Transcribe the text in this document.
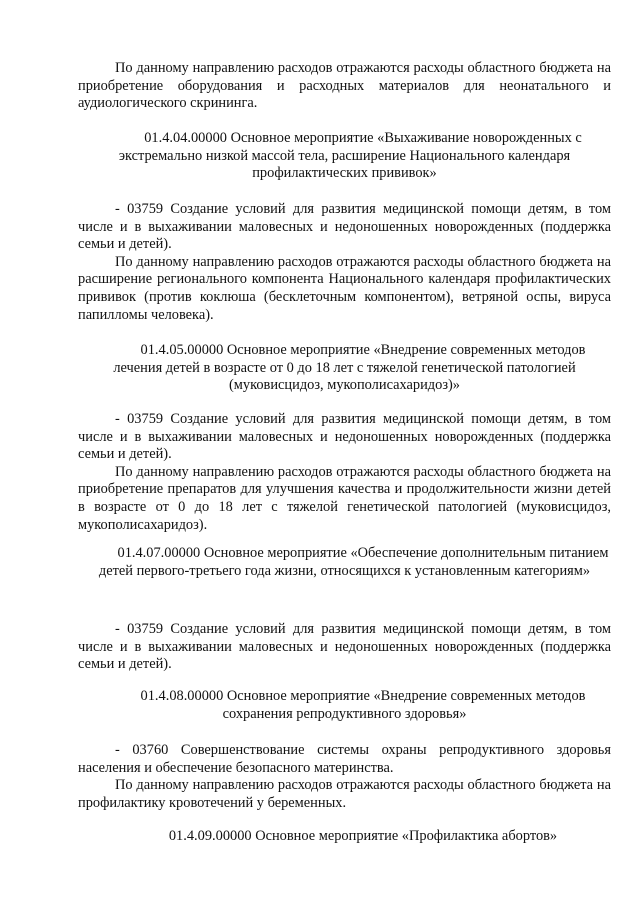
По данному направлению расходов отражаются расходы областного бюджета на приобретение оборудования и расходных материалов для неонатального и аудиологического скрининга.

01.4.04.00000 Основное мероприятие «Выхаживание новорожденных с экстремально низкой массой тела, расширение Национального календаря профилактических прививок»

- 03759 Создание условий для развития медицинской помощи детям, в том числе и в выхаживании маловесных и недоношенных новорожденных (поддержка семьи и детей).

По данному направлению расходов отражаются расходы областного бюджета на расширение регионального компонента Национального календаря профилактических прививок (против коклюша (бесклеточным компонентом), ветряной оспы, вируса папилломы человека).

01.4.05.00000 Основное мероприятие «Внедрение современных методов лечения детей в возрасте от 0 до 18 лет с тяжелой генетической патологией (муковисцидоз, мукополисахаридоз)»

- 03759 Создание условий для развития медицинской помощи детям, в том числе и в выхаживании маловесных и недоношенных новорожденных (поддержка семьи и детей).

По данному направлению расходов отражаются расходы областного бюджета на приобретение препаратов для улучшения качества и продолжительности жизни детей в возрасте от 0 до 18 лет с тяжелой генетической патологией (муковисцидоз, мукополисахаридоз).

01.4.07.00000 Основное мероприятие «Обеспечение дополнительным питанием детей первого-третьего года жизни, относящихся к установленным категориям»

- 03759 Создание условий для развития медицинской помощи детям, в том числе и в выхаживании маловесных и недоношенных новорожденных (поддержка семьи и детей).

01.4.08.00000 Основное мероприятие «Внедрение современных методов сохранения репродуктивного здоровья»

- 03760 Совершенствование системы охраны репродуктивного здоровья населения и обеспечение безопасного материнства.

По данному направлению расходов отражаются расходы областного бюджета на профилактику кровотечений у беременных.

01.4.09.00000 Основное мероприятие «Профилактика абортов»
